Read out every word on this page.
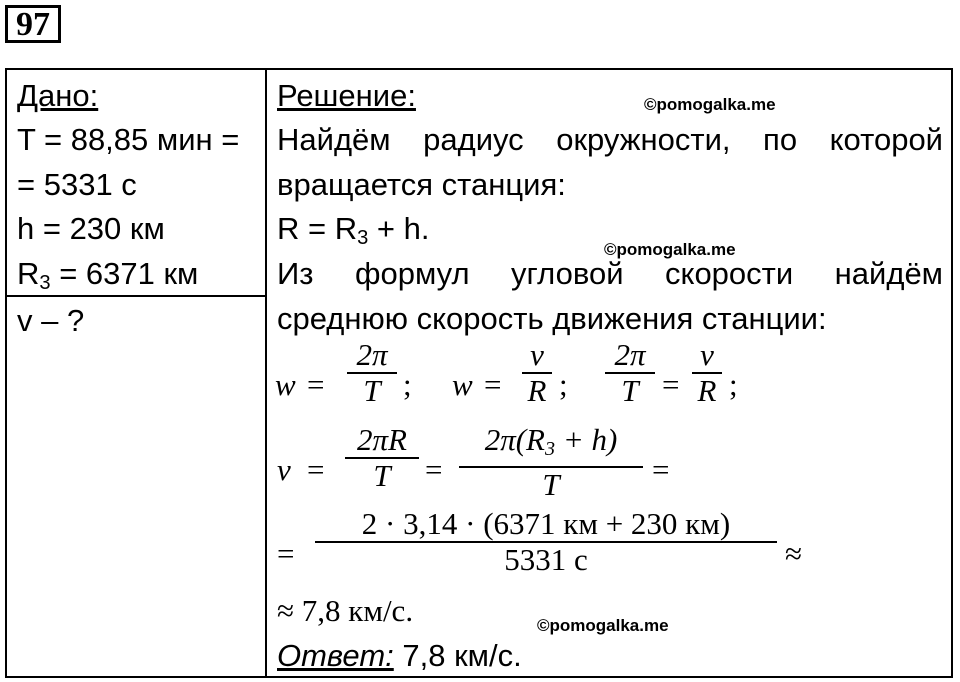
97
Дано:
T = 88,85 мин =
= 5331 с
h = 230 км
$R_3 = 6371$ км
v – ?
Решение:
Найдём радиус окружности, по которой
вращается станция:
$R = R_3 + h$.
Из формул угловой скорости найдём
среднюю скорость движения станции:
w =
2π
T ; w =
v
R ;
2π
T =
v
R ;
v =
2πR
T	=
$2\pi(R_3 + h)$
T	=
=
2 · 3,14 · (6371 км + 230 км)
5331 с	≈
≈ 7,8 км/с.
Ответ: 7,8 км/с.
©pomogalka.me
©pomogalka.me
©pomogalka.me
